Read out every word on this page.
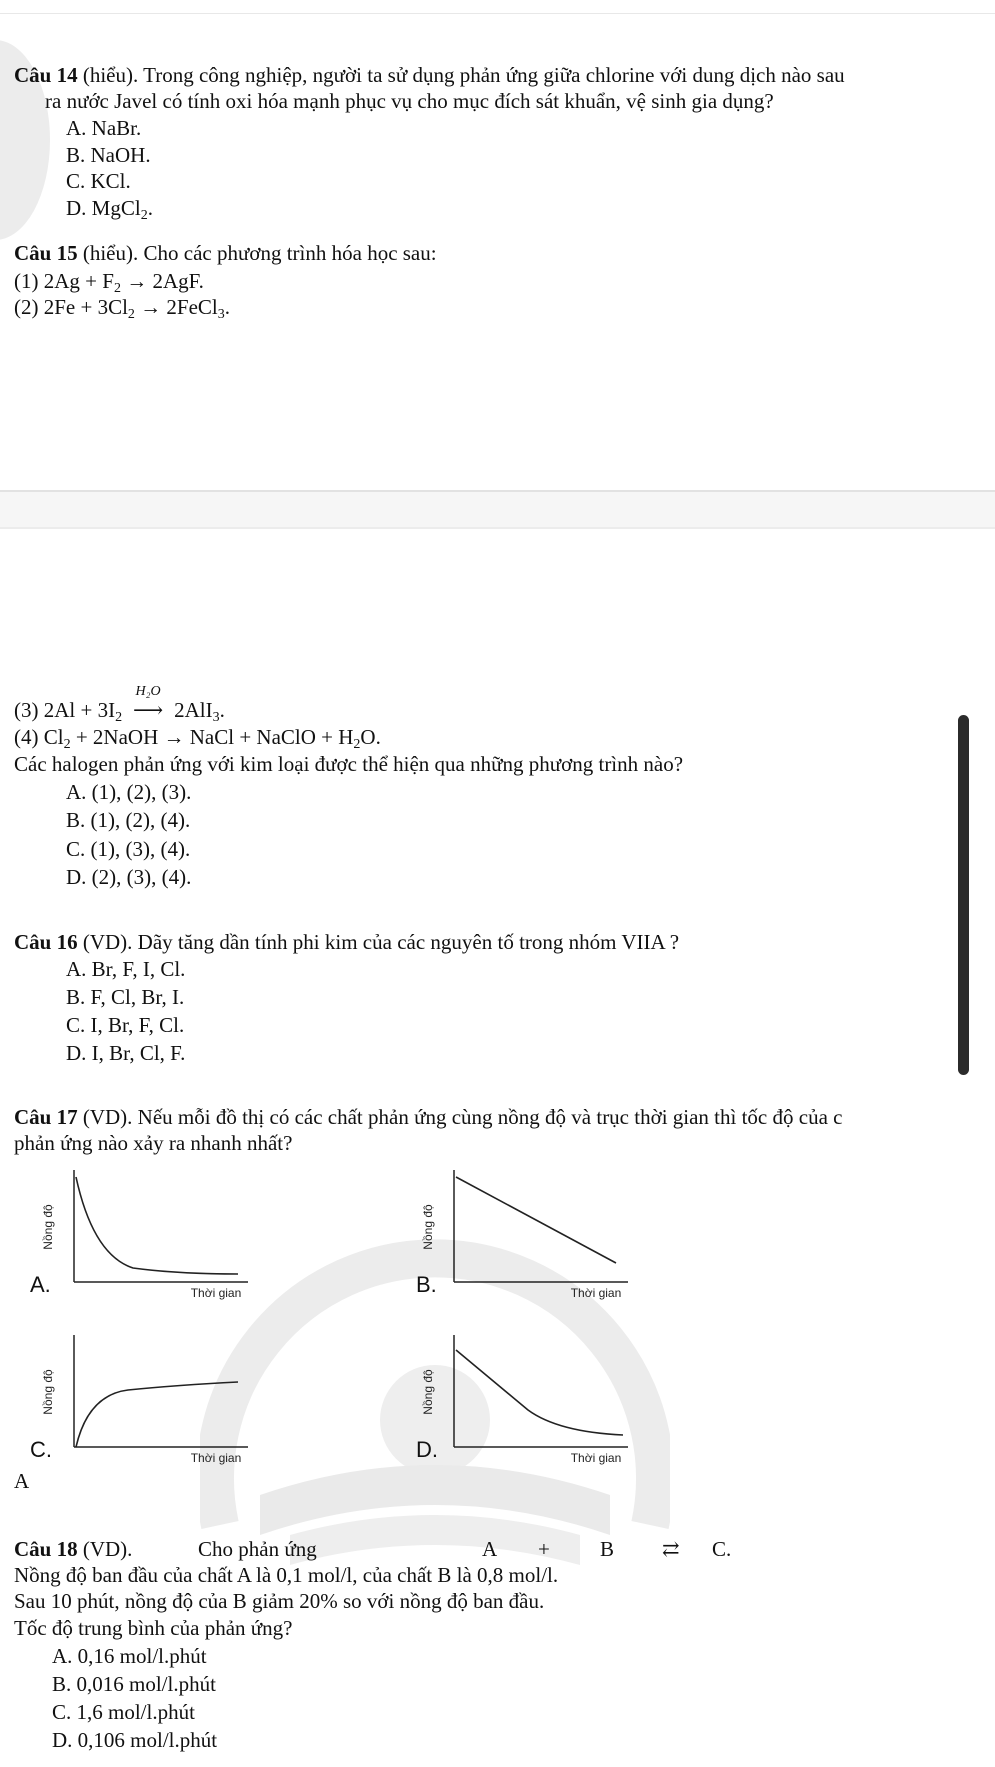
Câu 14 (hiểu). Trong công nghiệp, người ta sử dụng phản ứng giữa chlorine với dung dịch nào sau
ra nước Javel có tính oxi hóa mạnh phục vụ cho mục đích sát khuẩn, vệ sinh gia dụng?
A. NaBr.
B. NaOH.
C. KCl.
D. MgCl$_2$.
Câu 15 (hiểu). Cho các phương trình hóa học sau:
(1) $2Ag + F_2 \to 2AgF$.
(2) $2Fe + 3Cl_2$ → 2FeCl$_3$.
(3) $2Al + 3I_2$
H₂O
⟶ 2AlI$_3$.
(4) $Cl_2$ + 2NaOH → NaCl + NaClO + $H_2O$.
Các halogen phản ứng với kim loại được thể hiện qua những phương trình nào?
A. (1), (2), (3).
B. (1), (2), (4).
C. (1), (3), (4).
D. (2), (3), (4).
Câu 16 (VD). Dãy tăng dần tính phi kim của các nguyên tố trong nhóm VIIA ?
A. Br, F, I, Cl.
B. F, Cl, Br, I.
C. I, Br, F, Cl.
D. I, Br, Cl, F.
Câu 17 (VD). Nếu mỗi đồ thị có các chất phản ứng cùng nồng độ và trục thời gian thì tốc độ của c
phản ứng nào xảy ra nhanh nhất?
Nồng độ
Thời gian
A.
Nồng độ
Thời gian
B.
Nồng độ
Thời gian
C.
Nồng độ
Thời gian
D.
A
Câu 18 (VD).	Cho phản ứng	A + B ⇄ C.
Nồng độ ban đầu của chất A là 0,1 mol/l, của chất B là 0,8 mol/l.
Sau 10 phút, nồng độ của B giảm 20% so với nồng độ ban đầu.
Tốc độ trung bình của phản ứng?
A. 0,16 mol/l.phút
B. 0,016 mol/l.phút
C. 1,6 mol/l.phút
D. 0,106 mol/l.phút
